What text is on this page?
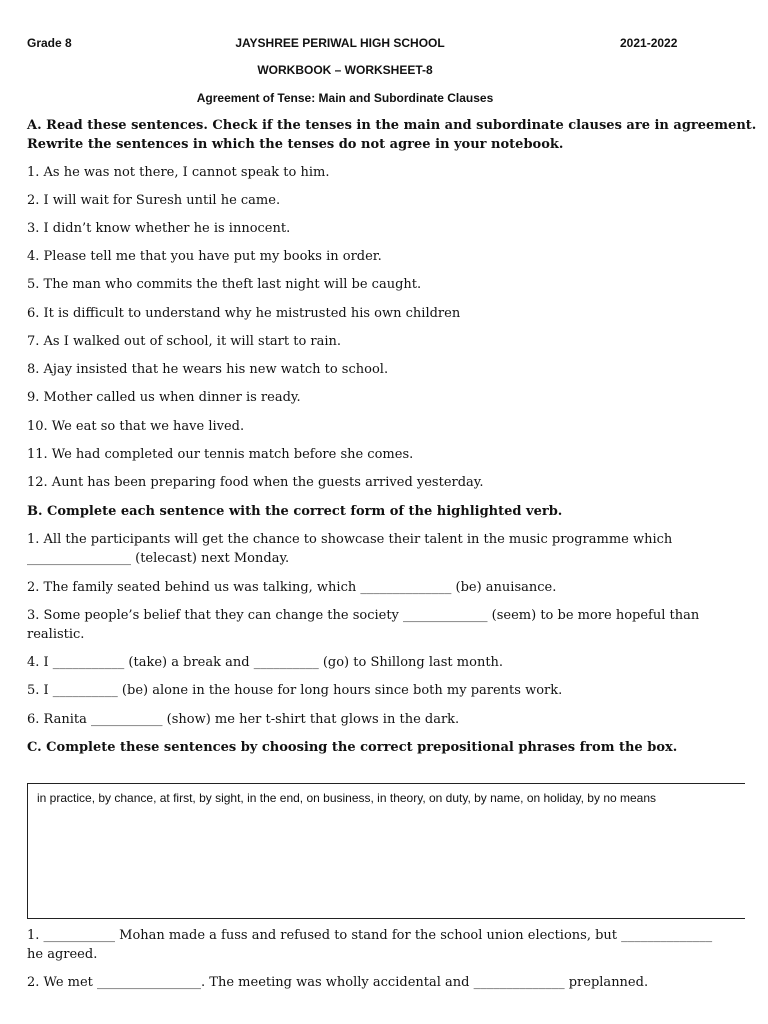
Grade 8	JAYSHREE PERIWAL HIGH SCHOOL	2021-2022
WORKBOOK – WORKSHEET-8
Agreement of Tense: Main and Subordinate Clauses
A. Read these sentences. Check if the tenses in the main and subordinate clauses are in agreement.
Rewrite the sentences in which the tenses do not agree in your notebook.
1. As he was not there, I cannot speak to him.
2. I will wait for Suresh until he came.
3. I didn’t know whether he is innocent.
4. Please tell me that you have put my books in order.
5. The man who commits the theft last night will be caught.
6. It is difficult to understand why he mistrusted his own children
7. As I walked out of school, it will start to rain.
8. Ajay insisted that he wears his new watch to school.
9. Mother called us when dinner is ready.
10. We eat so that we have lived.
11. We had completed our tennis match before she comes.
12. Aunt has been preparing food when the guests arrived yesterday.
B. Complete each sentence with the correct form of the highlighted verb.
1. All the participants will get the chance to showcase their talent in the music programme which
________________ (telecast) next Monday.
2. The family seated behind us was talking, which ______________ (be) anuisance.
3. Some people’s belief that they can change the society _____________ (seem) to be more hopeful than
realistic.
4. I ___________ (take) a break and __________ (go) to Shillong last month.
5. I __________ (be) alone in the house for long hours since both my parents work.
6. Ranita ___________ (show) me her t-shirt that glows in the dark.
C. Complete these sentences by choosing the correct prepositional phrases from the box.
in practice, by chance, at first, by sight, in the end, on business, in theory, on duty, by name, on holiday, by no means
1. ___________ Mohan made a fuss and refused to stand for the school union elections, but ______________
he agreed.
2. We met ________________. The meeting was wholly accidental and ______________ preplanned.
